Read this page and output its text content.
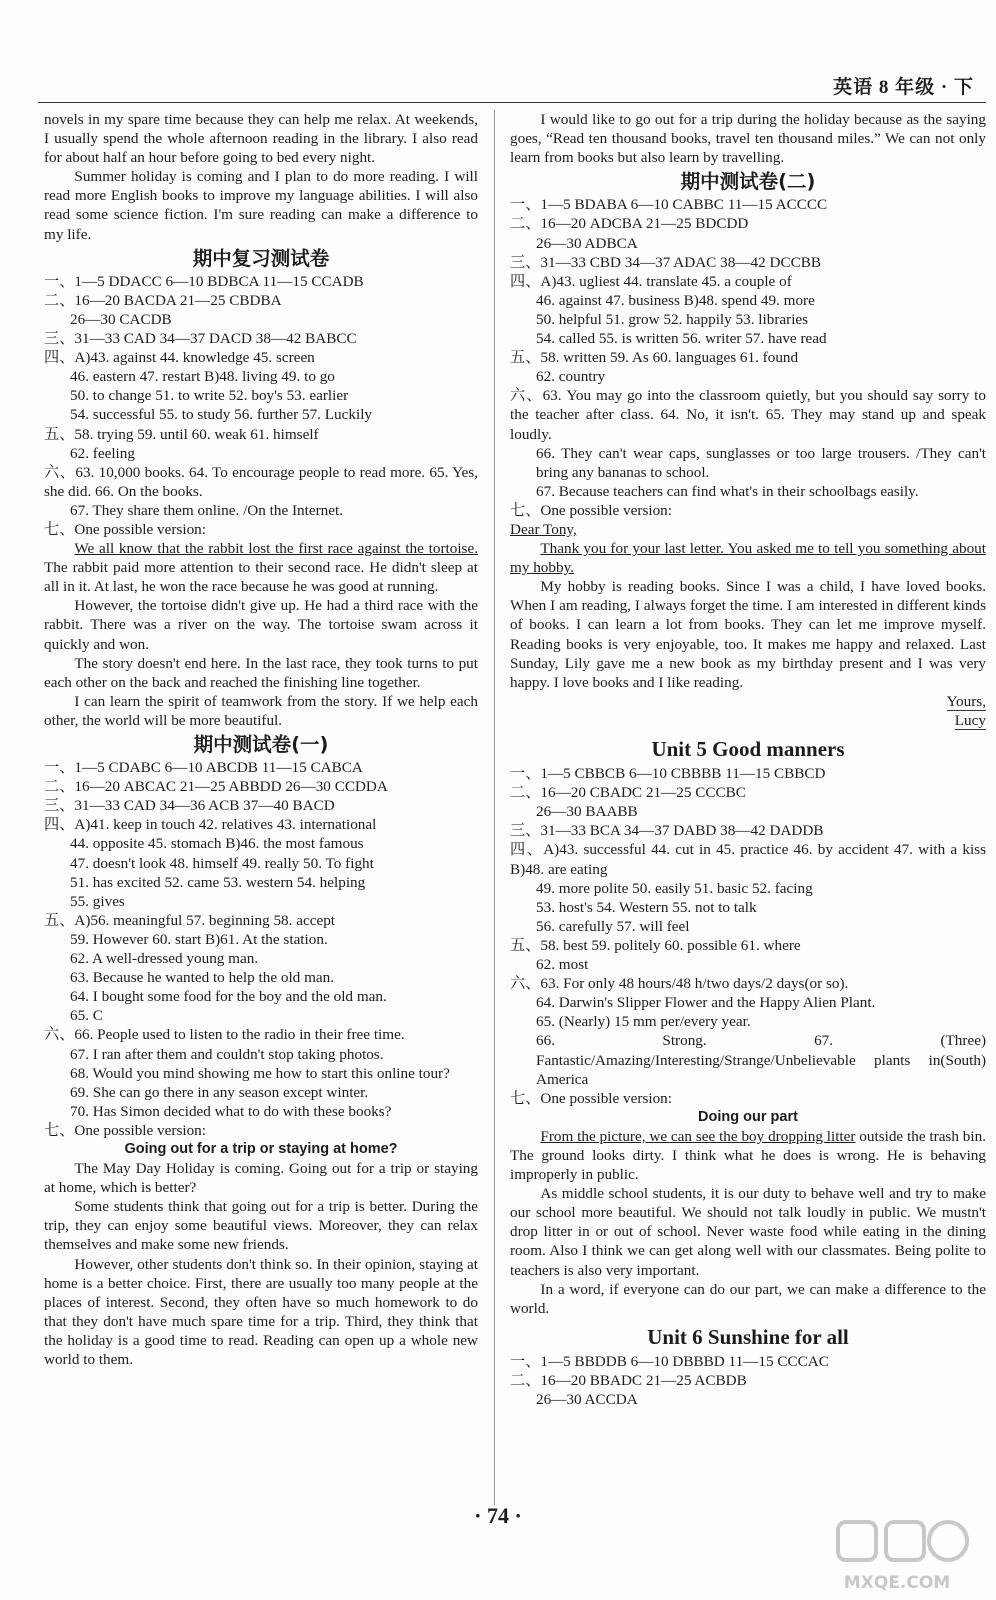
英语 8 年级 · 下

novels in my spare time because they can help me relax. At weekends, I usually spend the whole afternoon reading in the library. I also read for about half an hour before going to bed every night.

Summer holiday is coming and I plan to do more reading. I will read more English books to improve my language abilities. I will also read some science fiction. I'm sure reading can make a difference to my life.

期中复习测试卷

一、1—5 DDACC 6—10 BDBCA 11—15 CCADB

二、16—20 BACDA 21—25 CBDBA

26—30 CACDB

三、31—33 CAD 34—37 DACD 38—42 BABCC

四、A)43. against 44. knowledge 45. screen

46. eastern 47. restart B)48. living 49. to go

50. to change 51. to write 52. boy's 53. earlier

54. successful 55. to study 56. further 57. Luckily

五、58. trying 59. until 60. weak 61. himself

62. feeling

六、63. 10,000 books. 64. To encourage people to read more. 65. Yes, she did. 66. On the books.

67. They share them online. /On the Internet.

七、One possible version:

We all know that the rabbit lost the first race against the tortoise. The rabbit paid more attention to their second race. He didn't sleep at all in it. At last, he won the race because he was good at running.

However, the tortoise didn't give up. He had a third race with the rabbit. There was a river on the way. The tortoise swam across it quickly and won.

The story doesn't end here. In the last race, they took turns to put each other on the back and reached the finishing line together.

I can learn the spirit of teamwork from the story. If we help each other, the world will be more beautiful.

期中测试卷(一)

一、1—5 CDABC 6—10 ABCDB 11—15 CABCA

二、16—20 ABCAC 21—25 ABBDD 26—30 CCDDA

三、31—33 CAD 34—36 ACB 37—40 BACD

四、A)41. keep in touch 42. relatives 43. international

44. opposite 45. stomach B)46. the most famous

47. doesn't look 48. himself 49. really 50. To fight

51. has excited 52. came 53. western 54. helping

55. gives

五、A)56. meaningful 57. beginning 58. accept

59. However 60. start B)61. At the station.

62. A well-dressed young man.

63. Because he wanted to help the old man.

64. I bought some food for the boy and the old man.

65. C

六、66. People used to listen to the radio in their free time.

67. I ran after them and couldn't stop taking photos.

68. Would you mind showing me how to start this online tour?

69. She can go there in any season except winter.

70. Has Simon decided what to do with these books?

七、One possible version:

Going out for a trip or staying at home?

The May Day Holiday is coming. Going out for a trip or staying at home, which is better?

Some students think that going out for a trip is better. During the trip, they can enjoy some beautiful views. Moreover, they can relax themselves and make some new friends.

However, other students don't think so. In their opinion, staying at home is a better choice. First, there are usually too many people at the places of interest. Second, they often have so much homework to do that they don't have much spare time for a trip. Third, they think that the holiday is a good time to read. Reading can open up a whole new world to them.

I would like to go out for a trip during the holiday because as the saying goes, “Read ten thousand books, travel ten thousand miles.” We can not only learn from books but also learn by travelling.

期中测试卷(二)

一、1—5 BDABA 6—10 CABBC 11—15 ACCCC

二、16—20 ADCBA 21—25 BDCDD

26—30 ADBCA

三、31—33 CBD 34—37 ADAC 38—42 DCCBB

四、A)43. ugliest 44. translate 45. a couple of

46. against 47. business B)48. spend 49. more

50. helpful 51. grow 52. happily 53. libraries

54. called 55. is written 56. writer 57. have read

五、58. written 59. As 60. languages 61. found

62. country

六、63. You may go into the classroom quietly, but you should say sorry to the teacher after class. 64. No, it isn't. 65. They may stand up and speak loudly.

66. They can't wear caps, sunglasses or too large trousers. /They can't bring any bananas to school.

67. Because teachers can find what's in their schoolbags easily.

七、One possible version:

Dear Tony,

Thank you for your last letter. You asked me to tell you something about my hobby.

My hobby is reading books. Since I was a child, I have loved books. When I am reading, I always forget the time. I am interested in different kinds of books. I can learn a lot from books. They can let me improve myself. Reading books is very enjoyable, too. It makes me happy and relaxed. Last Sunday, Lily gave me a new book as my birthday present and I was very happy. I love books and I like reading.

Yours,

Lucy

Unit 5 Good manners

一、1—5 CBBCB 6—10 CBBBB 11—15 CBBCD

二、16—20 CBADC 21—25 CCCBC

26—30 BAABB

三、31—33 BCA 34—37 DABD 38—42 DADDB

四、A)43. successful 44. cut in 45. practice 46. by accident 47. with a kiss B)48. are eating

49. more polite 50. easily 51. basic 52. facing

53. host's 54. Western 55. not to talk

56. carefully 57. will feel

五、58. best 59. politely 60. possible 61. where

62. most

六、63. For only 48 hours/48 h/two days/2 days(or so).

64. Darwin's Slipper Flower and the Happy Alien Plant.

65. (Nearly) 15 mm per/every year.

66. Strong. 67. (Three) Fantastic/Amazing/Interesting/Strange/Unbelievable plants in(South) America

七、One possible version:

Doing our part

From the picture, we can see the boy dropping litter outside the trash bin. The ground looks dirty. I think what he does is wrong. He is behaving improperly in public.

As middle school students, it is our duty to behave well and try to make our school more beautiful. We should not talk loudly in public. We mustn't drop litter in or out of school. Never waste food while eating in the dining room. Also I think we can get along well with our classmates. Being polite to teachers is also very important.

In a word, if everyone can do our part, we can make a difference to the world.

Unit 6 Sunshine for all

一、1—5 BBDDB 6—10 DBBBD 11—15 CCCAC

二、16—20 BBADC 21—25 ACBDB

26—30 ACCDA

· 74 ·
MXQE.COM
